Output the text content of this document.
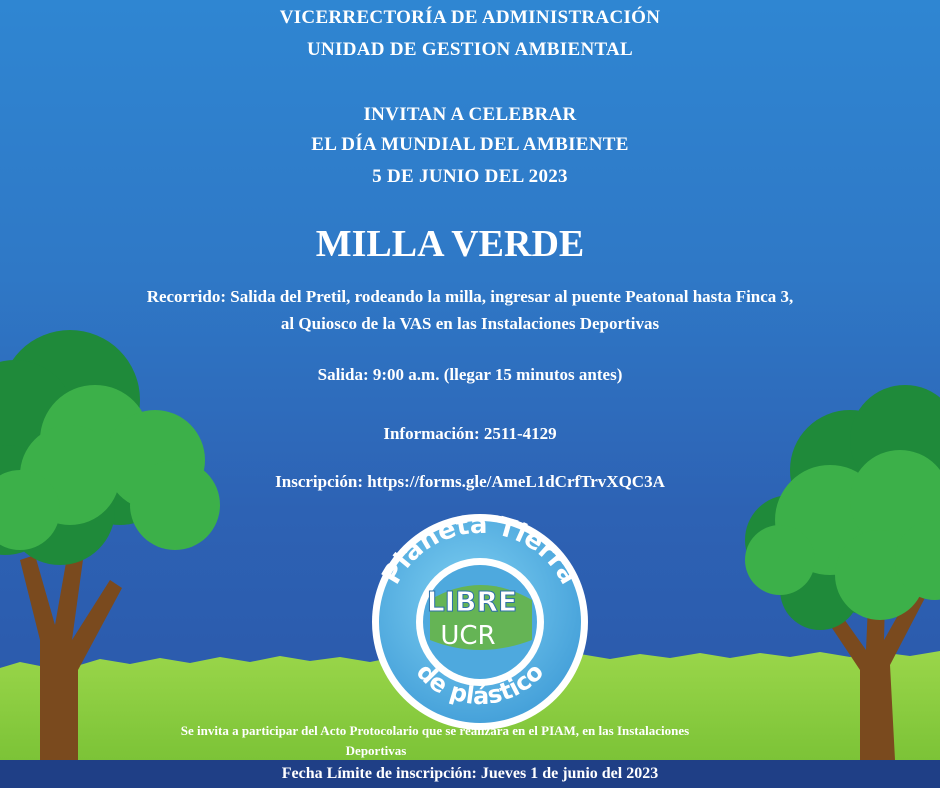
Planeta Tierra
de plástico
LIBRE
UCR
VICERRECTORÍA DE ADMINISTRACIÓN
UNIDAD DE GESTION AMBIENTAL
INVITAN A CELEBRAR
EL DÍA MUNDIAL DEL AMBIENTE
5 DE JUNIO DEL 2023
MILLA VERDE
Recorrido: Salida del Pretil, rodeando la milla, ingresar al puente Peatonal hasta Finca 3,
al Quiosco de la VAS en las Instalaciones Deportivas
Salida: 9:00 a.m. (llegar 15 minutos antes)
Información: 2511-4129
Inscripción: https://forms.gle/AmeL1dCrfTrvXQC3A
Se invita a participar del Acto Protocolario que se realizara en el PIAM, en las Instalaciones
Deportivas
Fecha Límite de inscripción: Jueves 1 de junio del 2023
